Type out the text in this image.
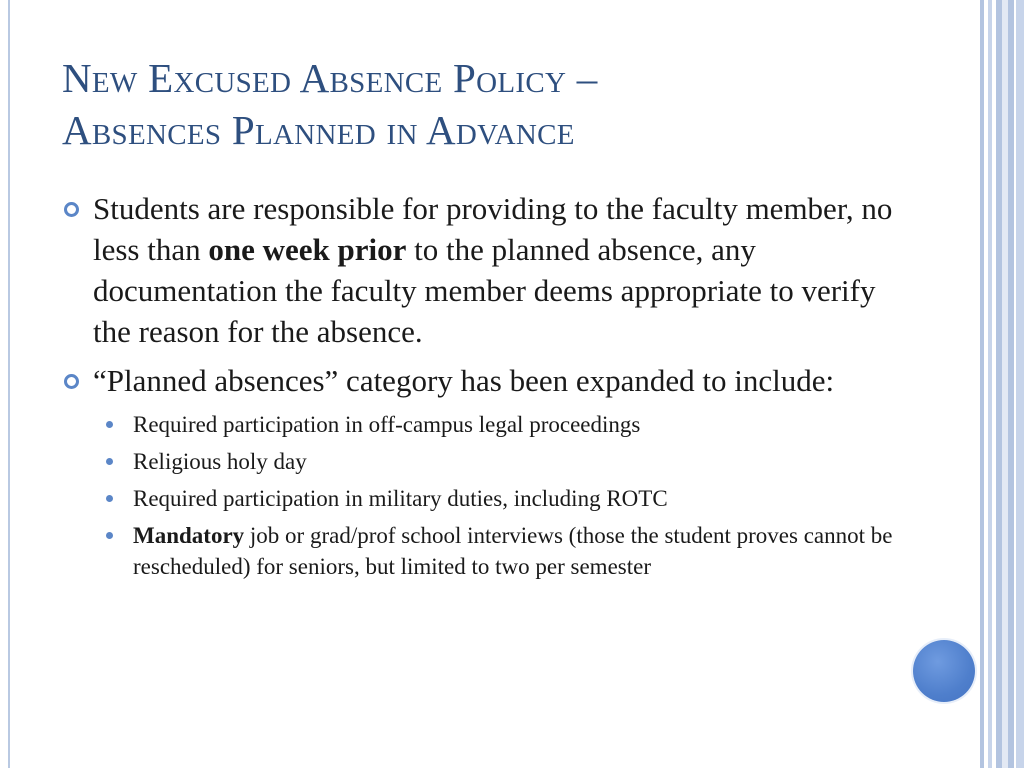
New Excused Absence Policy –
Absences Planned in Advance
Students are responsible for providing to the faculty member, no less than one week prior to the planned absence, any documentation the faculty member deems appropriate to verify the reason for the absence.
“Planned absences” category has been expanded to include:
Required participation in off-campus legal proceedings
Religious holy day
Required participation in military duties, including ROTC
Mandatory job or grad/prof school interviews (those the student proves cannot be rescheduled) for seniors, but limited to two per semester
